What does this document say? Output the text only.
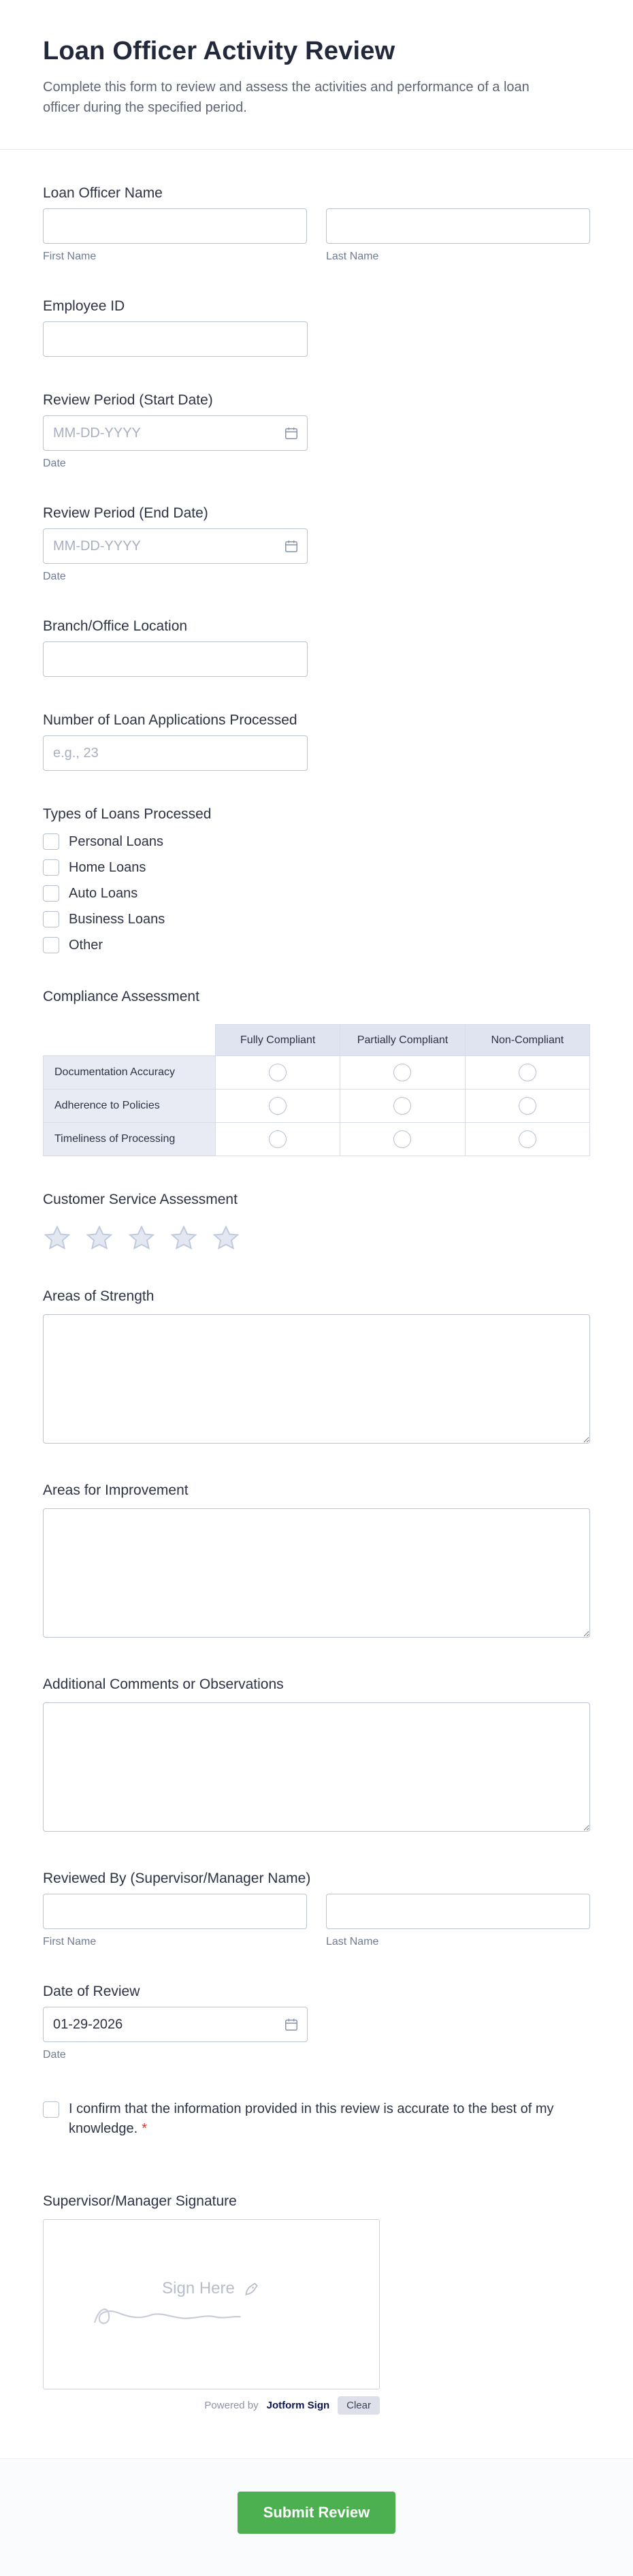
Loan Officer Activity Review

Complete this form to review and assess the activities and performance of a loan officer during the specified period.

Loan Officer Name
First Name	Last Name
Employee ID
Review Period (Start Date)
MM-DD-YYYY
Date
Review Period (End Date)
MM-DD-YYYY
Date
Branch/Office Location
Number of Loan Applications Processed
e.g., 23
Types of Loans Processed
Personal Loans
Home Loans
Auto Loans
Business Loans
Other
Compliance Assessment
	Fully Compliant	Partially Compliant	Non-Compliant
Documentation Accuracy			
Adherence to Policies			
Timeliness of Processing			
Customer Service Assessment
Areas of Strength
Areas for Improvement
Additional Comments or Observations
Reviewed By (Supervisor/Manager Name)
First Name	Last Name
Date of Review
01-29-2026
Date
I confirm that the information provided in this review is accurate to the best of my knowledge. *
Supervisor/Manager Signature
Sign Here
Powered by Jotform Sign	Clear
Submit Review
